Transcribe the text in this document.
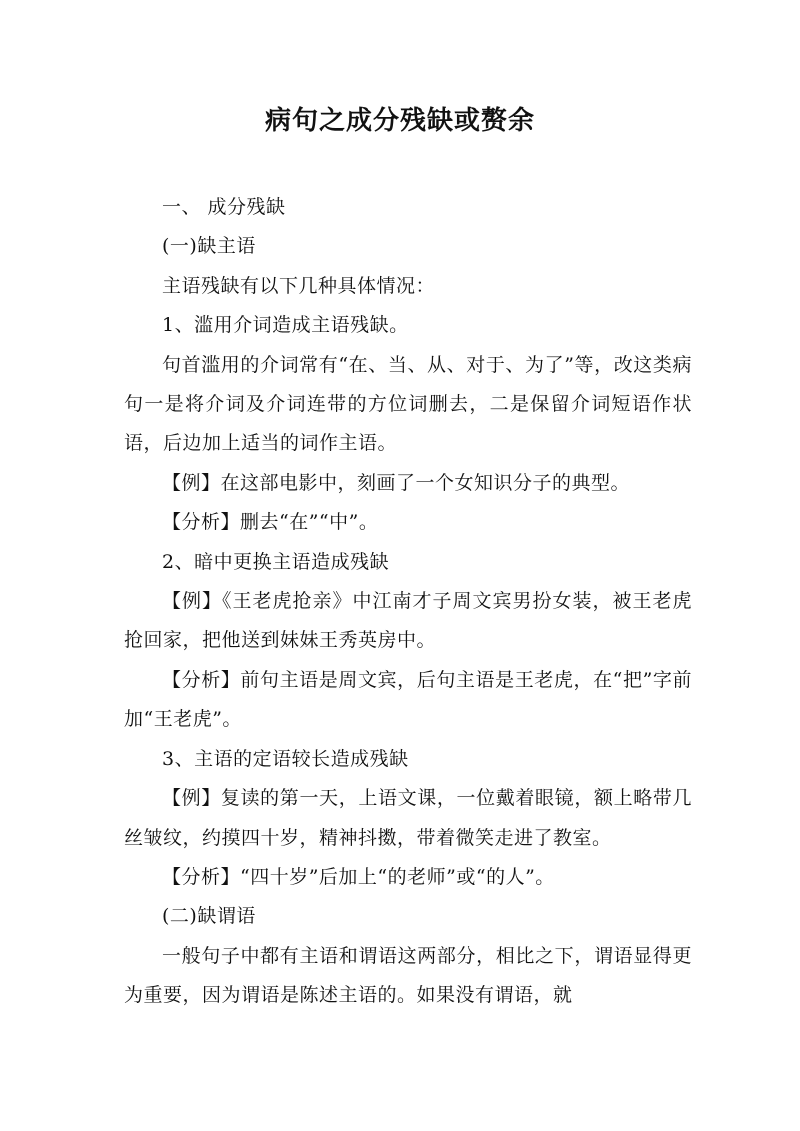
病句之成分残缺或赘余

一、 成分残缺

(一)缺主语

主语残缺有以下几种具体情况：

1、滥用介词造成主语残缺。

句首滥用的介词常有“在、当、从、对于、为了”等，改这类病句一是将介词及介词连带的方位词删去，二是保留介词短语作状语，后边加上适当的词作主语。

【例】在这部电影中，刻画了一个女知识分子的典型。

【分析】删去“在”“中”。

2、暗中更换主语造成残缺

【例】《王老虎抢亲》中江南才子周文宾男扮女装，被王老虎抢回家，把他送到妹妹王秀英房中。

【分析】前句主语是周文宾，后句主语是王老虎，在“把”字前加“王老虎”。

3、主语的定语较长造成残缺

【例】复读的第一天，上语文课，一位戴着眼镜，额上略带几丝皱纹，约摸四十岁，精神抖擞，带着微笑走进了教室。

【分析】“四十岁”后加上“的老师”或“的人”。

(二)缺谓语

一般句子中都有主语和谓语这两部分，相比之下，谓语显得更为重要，因为谓语是陈述主语的。如果没有谓语，就
